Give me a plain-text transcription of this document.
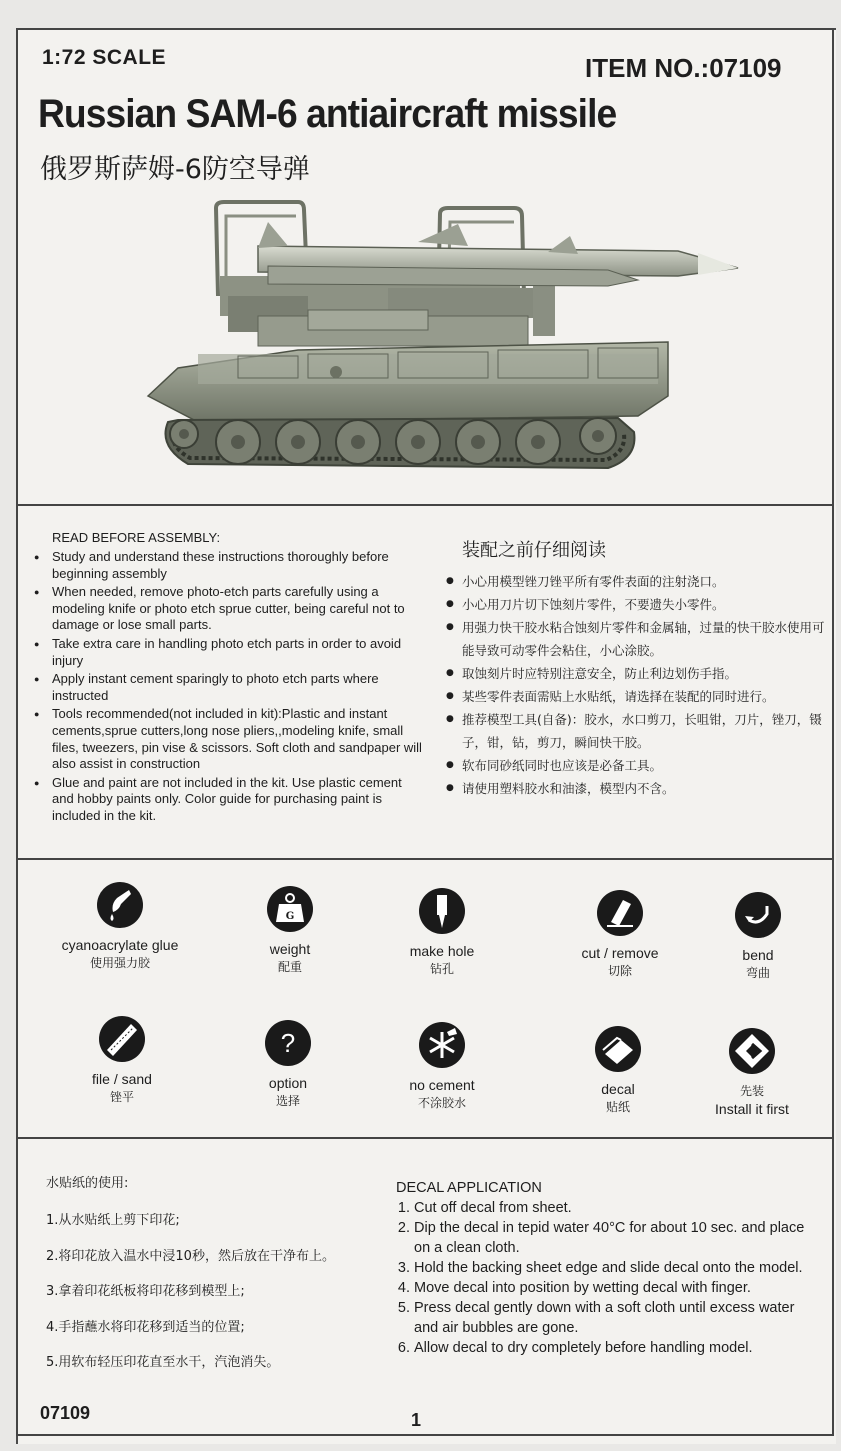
1:72 SCALE	ITEM NO.:07109
Russian SAM-6 antiaircraft missile
俄罗斯萨姆-6防空导弹
READ BEFORE ASSEMBLY:
● Study and understand these instructions thoroughly before beginning assembly
● When needed, remove photo-etch parts carefully using a modeling knife or photo etch sprue cutter, being careful not to damage or lose small parts.
● Take extra care in handling photo etch parts in order to avoid injury
● Apply instant cement sparingly to photo etch parts where instructed
● Tools recommended(not included in kit):Plastic and instant cements,sprue cutters,long nose pliers,,modeling knife, small files, tweezers, pin vise & scissors. Soft cloth and sandpaper will also assist in construction
● Glue and paint are not included in the kit. Use plastic cement and hobby paints only. Color guide for purchasing paint is included in the kit.
装配之前仔细阅读
● 小心用模型锉刀锉平所有零件表面的注射浇口。
● 小心用刀片切下蚀刻片零件，不要遗失小零件。
● 用强力快干胶水粘合蚀刻片零件和金属轴，过量的快干胶水使用可能导致可动零件会粘住，小心涂胶。
● 取蚀刻片时应特别注意安全，防止利边划伤手指。
● 某些零件表面需贴上水贴纸，请选择在装配的同时进行。
● 推荐模型工具(自备)：胶水，水口剪刀，长咀钳，刀片，锉刀，镊子，钳，钻，剪刀，瞬间快干胶。
● 软布同砂纸同时也应该是必备工具。
● 请使用塑料胶水和油漆，模型内不含。
cyanoacrylate glue
使用强力胶
G
weight
配重
make hole
钻孔
cut / remove
切除
bend
弯曲
file / sand
锉平
?
option
选择
no cement
不涂胶水
decal
贴纸
先装
Install it first
水贴纸的使用:
1.从水贴纸上剪下印花;
2.将印花放入温水中浸10秒，然后放在干净布上。
3.拿着印花纸板将印花移到模型上;
4.手指蘸水将印花移到适当的位置;
5.用软布轻压印花直至水干，汽泡消失。
DECAL APPLICATION
1. Cut off decal from sheet.
2. Dip the decal in tepid water 40°C for about 10 sec. and place on a clean cloth.
3. Hold the backing sheet edge and slide decal onto the model.
4. Move decal into position by wetting decal with finger.
5. Press decal gently down with a soft cloth until excess water and air bubbles are gone.
6. Allow decal to dry completely before handling model.
07109	1
